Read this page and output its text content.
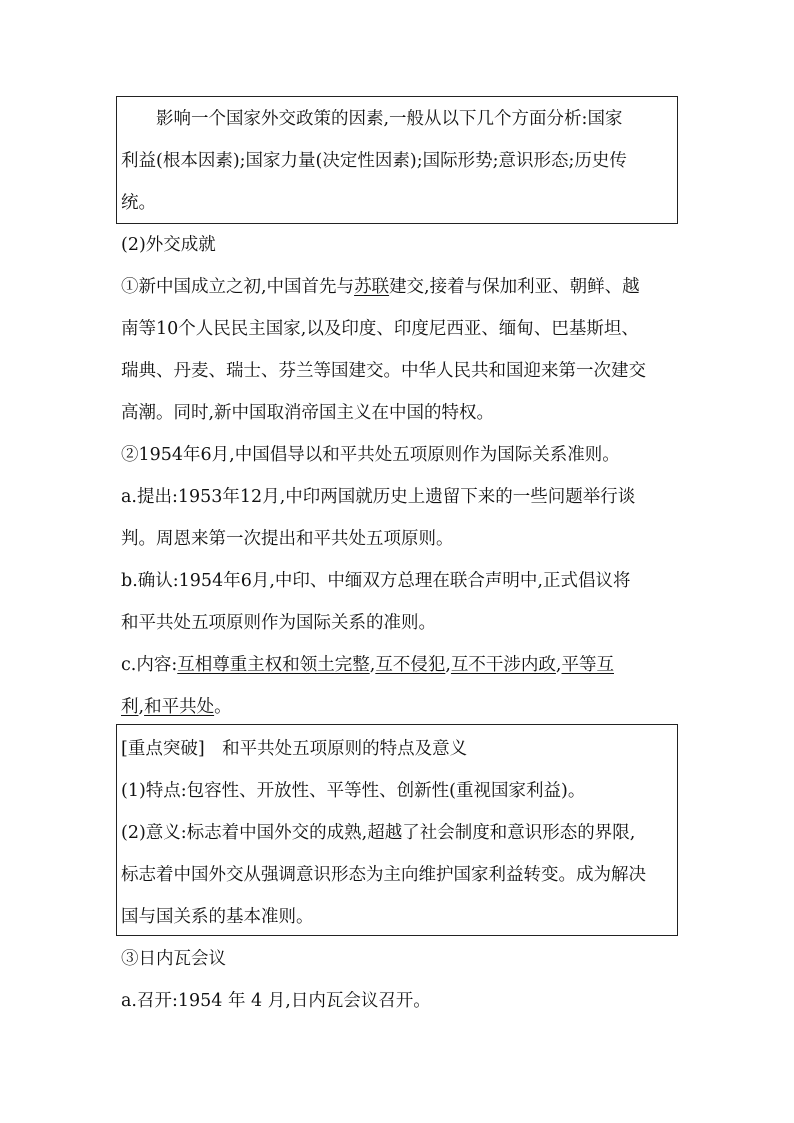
影响一个国家外交政策的因素,一般从以下几个方面分析:国家
利益(根本因素);国家力量(决定性因素);国际形势;意识形态;历史传
统。
(2)外交成就
①新中国成立之初,中国首先与苏联建交,接着与保加利亚、朝鲜、越
南等10个人民民主国家,以及印度、印度尼西亚、缅甸、巴基斯坦、
瑞典、丹麦、瑞士、芬兰等国建交。中华人民共和国迎来第一次建交
高潮。同时,新中国取消帝国主义在中国的特权。
②1954年6月,中国倡导以和平共处五项原则作为国际关系准则。
a.提出:1953年12月,中印两国就历史上遗留下来的一些问题举行谈
判。周恩来第一次提出和平共处五项原则。
b.确认:1954年6月,中印、中缅双方总理在联合声明中,正式倡议将
和平共处五项原则作为国际关系的准则。
c.内容:互相尊重主权和领土完整,互不侵犯,互不干涉内政,平等互
利,和平共处。
[重点突破]　和平共处五项原则的特点及意义
(1)特点:包容性、开放性、平等性、创新性(重视国家利益)。
(2)意义:标志着中国外交的成熟,超越了社会制度和意识形态的界限,
标志着中国外交从强调意识形态为主向维护国家利益转变。成为解决
国与国关系的基本准则。
③日内瓦会议
a.召开:1954 年 4 月,日内瓦会议召开。
